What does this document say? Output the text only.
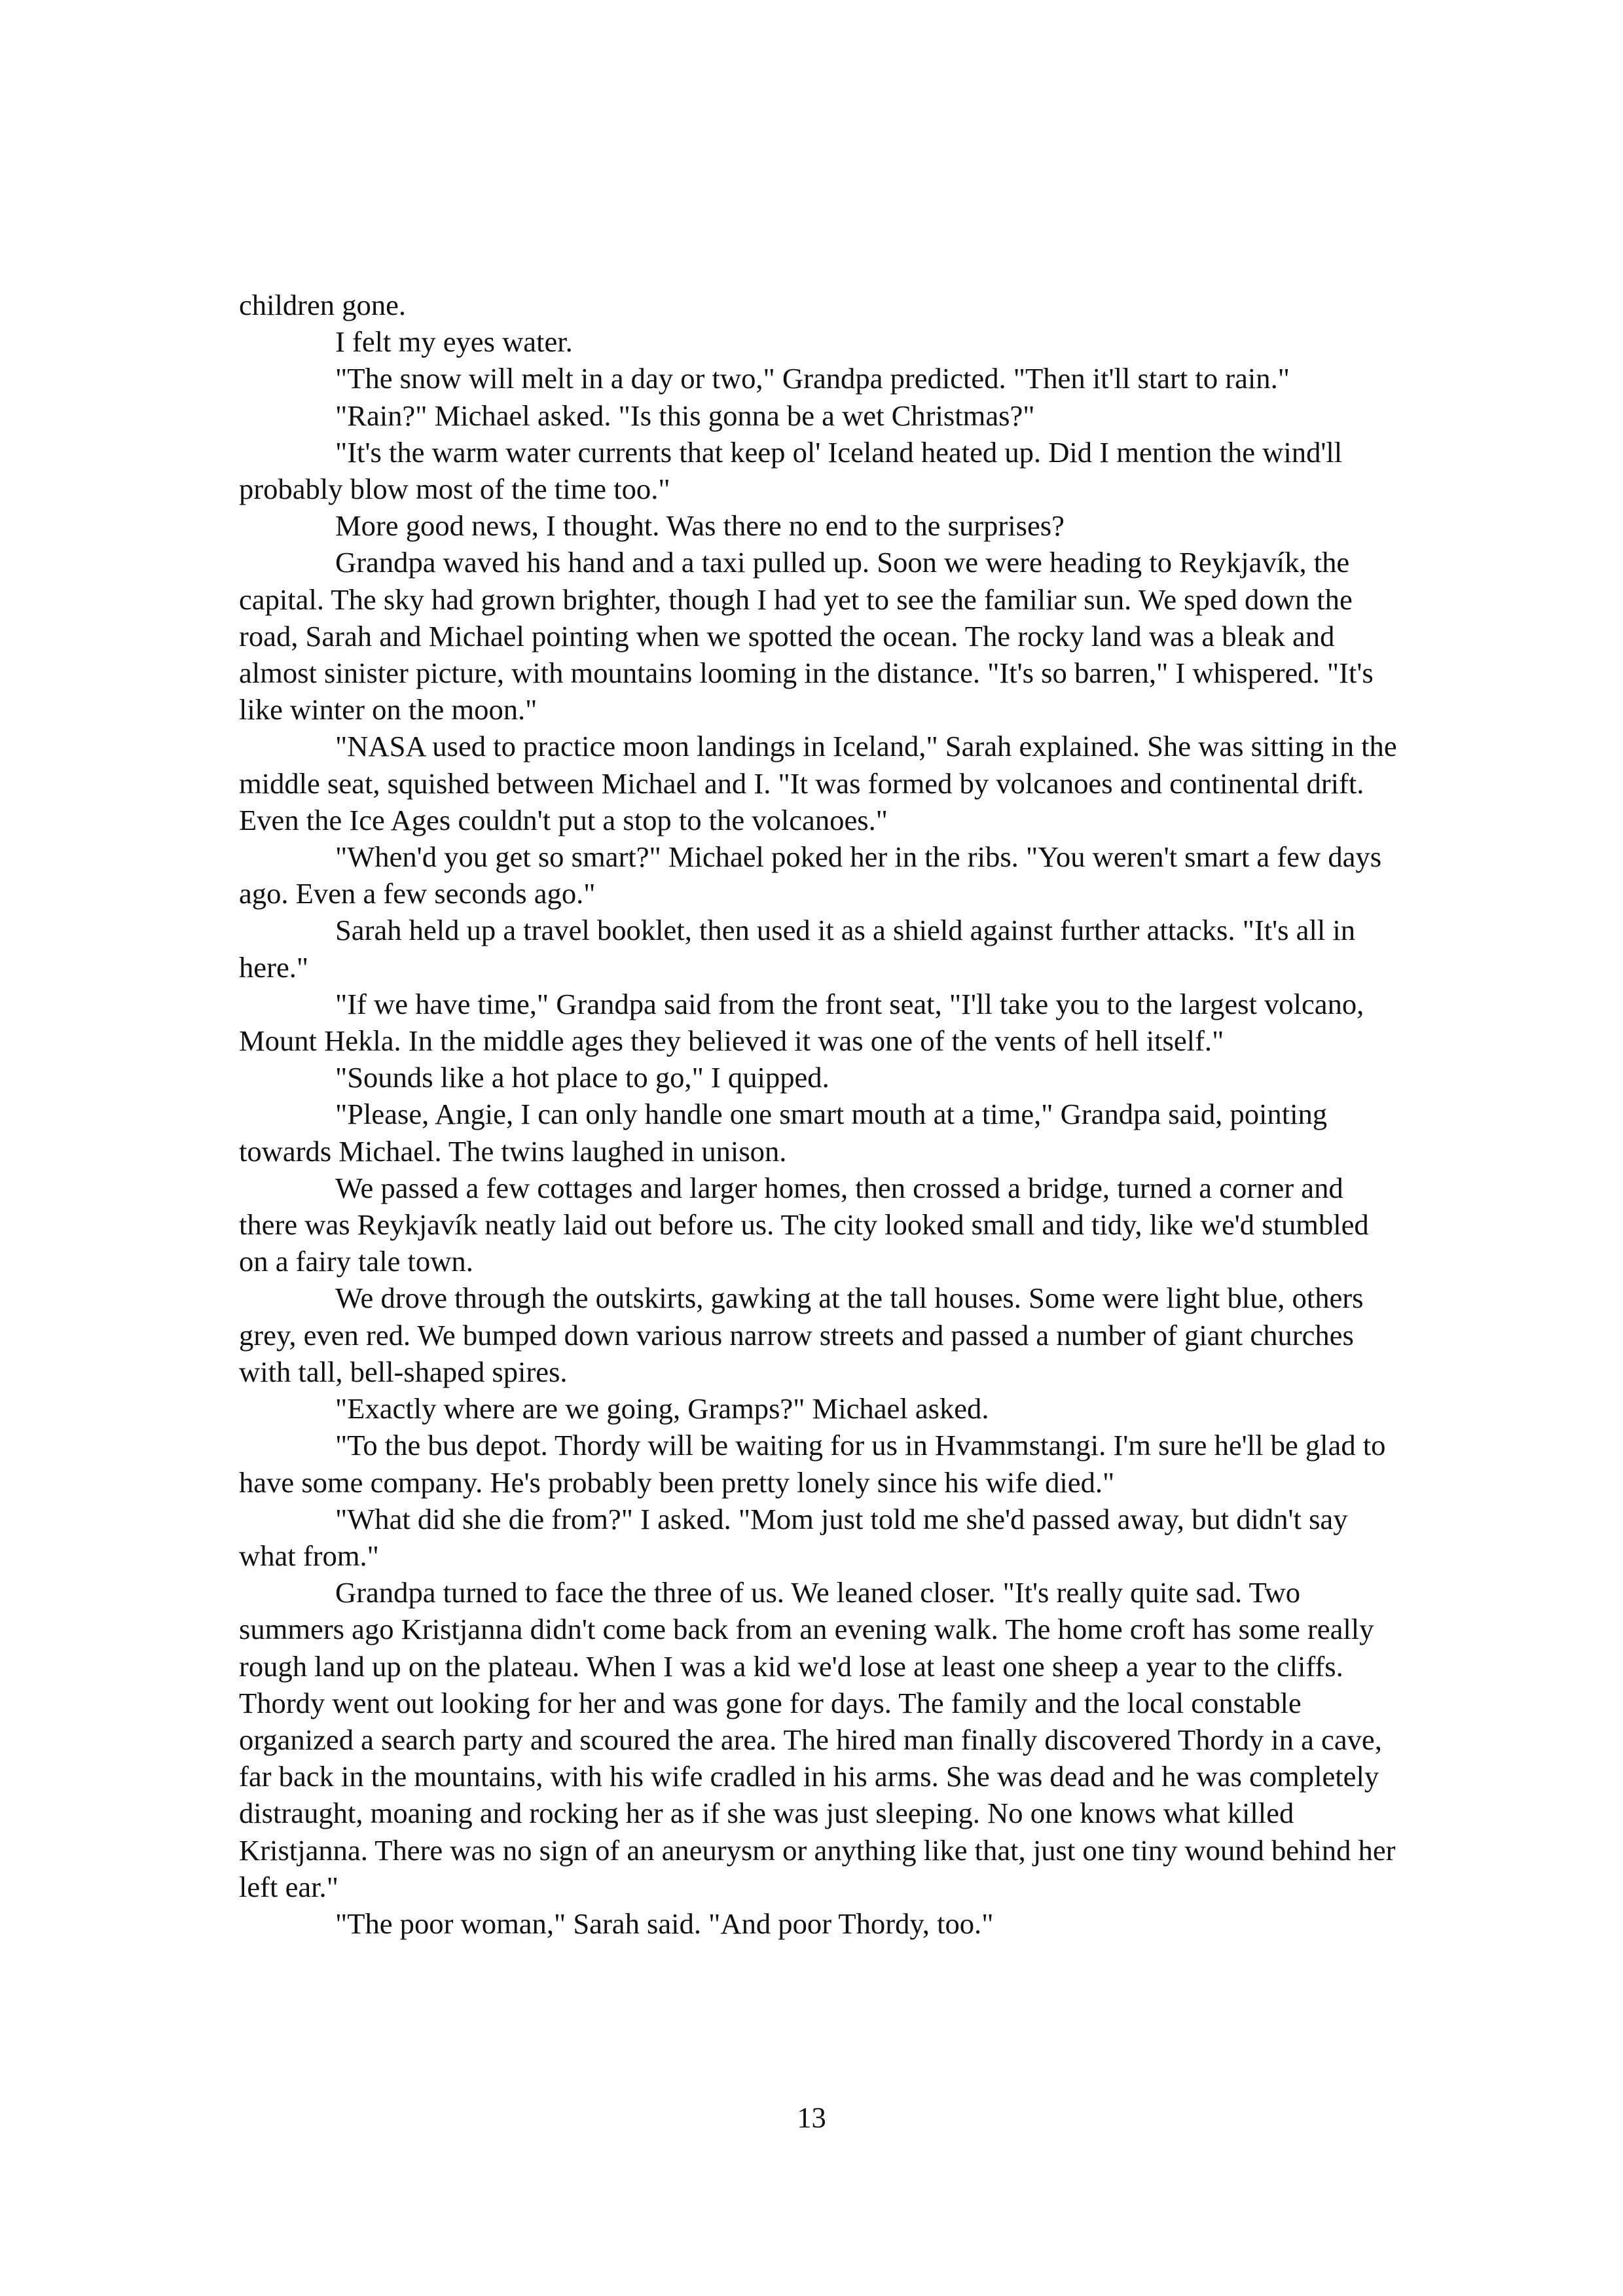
children gone.

I felt my eyes water.

"The snow will melt in a day or two," Grandpa predicted. "Then it'll start to rain."

"Rain?" Michael asked. "Is this gonna be a wet Christmas?"

"It's the warm water currents that keep ol' Iceland heated up. Did I mention the wind'll probably blow most of the time too."

More good news, I thought. Was there no end to the surprises?

Grandpa waved his hand and a taxi pulled up. Soon we were heading to Reykjavík, the capital. The sky had grown brighter, though I had yet to see the familiar sun. We sped down the road, Sarah and Michael pointing when we spotted the ocean. The rocky land was a bleak and almost sinister picture, with mountains looming in the distance. "It's so barren," I whispered. "It's like winter on the moon."

"NASA used to practice moon landings in Iceland," Sarah explained. She was sitting in the middle seat, squished between Michael and I. "It was formed by volcanoes and continental drift. Even the Ice Ages couldn't put a stop to the volcanoes."

"When'd you get so smart?" Michael poked her in the ribs. "You weren't smart a few days ago. Even a few seconds ago."

Sarah held up a travel booklet, then used it as a shield against further attacks. "It's all in here."

"If we have time," Grandpa said from the front seat, "I'll take you to the largest volcano, Mount Hekla. In the middle ages they believed it was one of the vents of hell itself."

"Sounds like a hot place to go," I quipped.

"Please, Angie, I can only handle one smart mouth at a time," Grandpa said, pointing towards Michael. The twins laughed in unison.

We passed a few cottages and larger homes, then crossed a bridge, turned a corner and there was Reykjavík neatly laid out before us. The city looked small and tidy, like we'd stumbled on a fairy tale town.

We drove through the outskirts, gawking at the tall houses. Some were light blue, others grey, even red. We bumped down various narrow streets and passed a number of giant churches with tall, bell-shaped spires.

"Exactly where are we going, Gramps?" Michael asked.

"To the bus depot. Thordy will be waiting for us in Hvammstangi. I'm sure he'll be glad to have some company. He's probably been pretty lonely since his wife died."

"What did she die from?" I asked. "Mom just told me she'd passed away, but didn't say what from."

Grandpa turned to face the three of us. We leaned closer. "It's really quite sad. Two summers ago Kristjanna didn't come back from an evening walk. The home croft has some really rough land up on the plateau. When I was a kid we'd lose at least one sheep a year to the cliffs. Thordy went out looking for her and was gone for days. The family and the local constable organized a search party and scoured the area. The hired man finally discovered Thordy in a cave, far back in the mountains, with his wife cradled in his arms. She was dead and he was completely distraught, moaning and rocking her as if she was just sleeping. No one knows what killed Kristjanna. There was no sign of an aneurysm or anything like that, just one tiny wound behind her left ear."

"The poor woman," Sarah said. "And poor Thordy, too."

13
